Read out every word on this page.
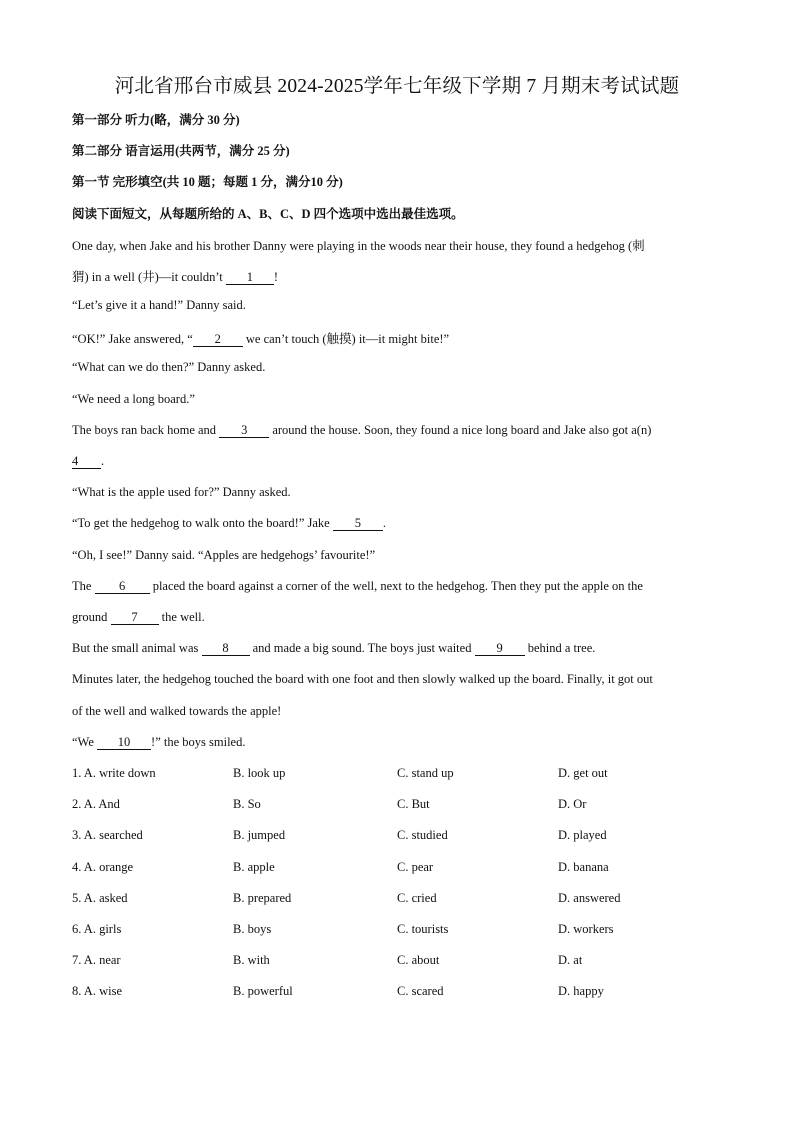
河北省邢台市威县 2024-2025学年七年级下学期 7 月期末考试试题
第一部分 听力(略，满分 30 分)
第二部分 语言运用(共两节，满分 25 分)
第一节 完形填空(共 10 题；每题 1 分，满分10 分)
阅读下面短文，从每题所给的 A、B、C、D 四个选项中选出最佳选项。
One day, when Jake and his brother Danny were playing in the woods near their house, they found a hedgehog (刺
猬) in a well (井)—it couldn’t 1 !
“Let’s give it a hand!” Danny said.
“OK!” Jake answered, “ 2 we can’t touch (触摸) it—it might bite!”
“What can we do then?” Danny asked.
“We need a long board.”
The boys ran back home and 3 around the house. Soon, they found a nice long board and Jake also got a(n)
4 .
“What is the apple used for?” Danny asked.
“To get the hedgehog to walk onto the board!” Jake 5 .
“Oh, I see!” Danny said. “Apples are hedgehogs’ favourite!”
The 6 placed the board against a corner of the well, next to the hedgehog. Then they put the apple on the
ground 7 the well.
But the small animal was 8 and made a big sound. The boys just waited 9 behind a tree.
Minutes later, the hedgehog touched the board with one foot and then slowly walked up the board. Finally, it got out
of the well and walked towards the apple!
“We 10 !” the boys smiled.
1. A. write down	B. look up	C. stand up	D. get out
2. A. And	B. So	C. But	D. Or
3. A. searched	B. jumped	C. studied	D. played
4. A. orange	B. apple	C. pear	D. banana
5. A. asked	B. prepared	C. cried	D. answered
6. A. girls	B. boys	C. tourists	D. workers
7. A. near	B. with	C. about	D. at
8. A. wise	B. powerful	C. scared	D. happy
